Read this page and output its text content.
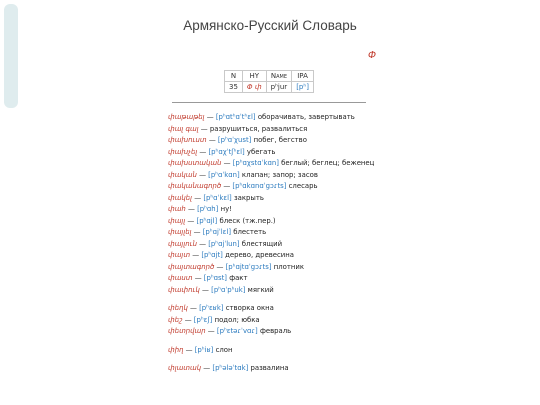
Армянско-Русский Словарь
Փ
N	HY	Name	IPA
35	Փ փ	pʰjur	[pʰ]
փաթաթել — [pʰɑtʰɑˈtʰɛl] оборачивать, завертывать
փալ գալ — разрушиться, развалиться
փախուստ — [pʰɑˈχust] побег, бегство
փախչել — [pʰɑχˈtʃʰɛl] убегать
փախստական — [pʰɑχstɑˈkɑn] беглый; беглец; беженец
փական — [pʰɑˈkɑn] клапан; запор; засов
փականագործ — [pʰɑkɑnɑˈgɔɾts] слесарь
փակել — [pʰɑˈkɛl] закрыть
փահ — [pʰɑh] ну!
փայլ — [pʰɑjl] блеск (тж.пер.)
փայլել — [pʰɑjˈlɛl] блестеть
փայլուն — [pʰɑjˈlun] блестящий
փայտ — [pʰɑjt] дерево, древесина
փայտագործ — [pʰɑjtɑˈgɔɾts] плотник
փաստ — [pʰɑst] факт
փափուկ — [pʰɑˈpʰuk] мягкий
փեղկ — [pʰɛʁk] створка окна
փեշ — [pʰɛʃ] подол; юбка
փետրվար — [pʰɛtəɾˈvɑɾ] февраль
փիղ — [pʰiʁ] слон
փլատակ — [pʰələˈtɑk] развалина
